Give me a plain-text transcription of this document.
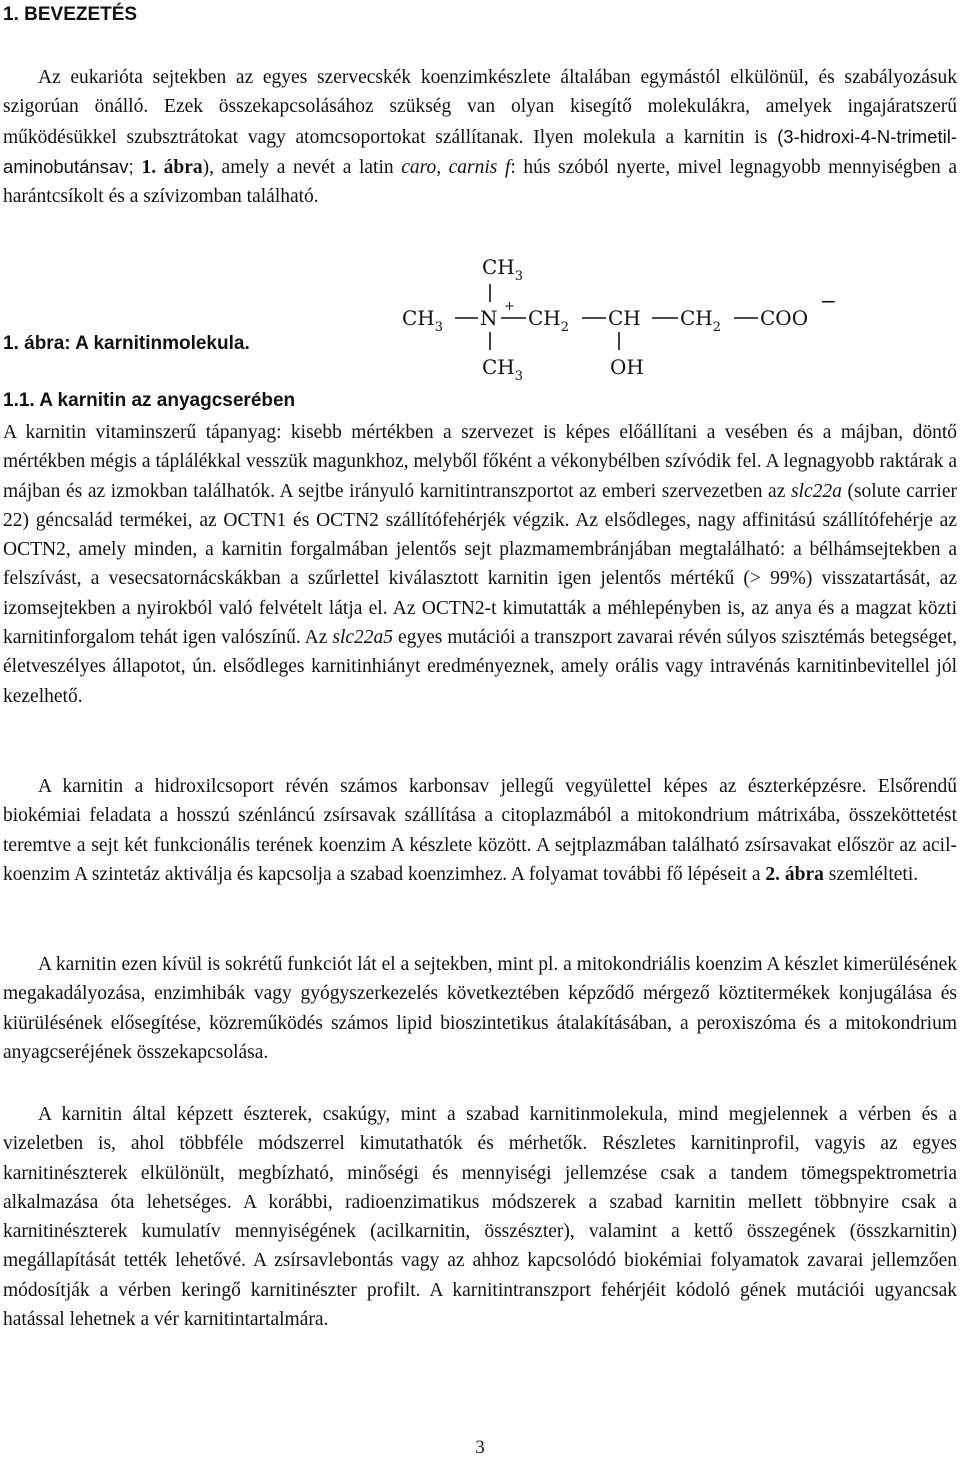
1. BEVEZETÉS

Az eukarióta sejtekben az egyes szervecskék koenzimkészlete általában egymástól elkülönül, és szabályozásuk szigorúan önálló. Ezek összekapcsolásához szükség van olyan kisegítő molekulákra, amelyek ingajáratszerű működésükkel szubsztrátokat vagy atomcsoportokat szállítanak. Ilyen molekula a karnitin is (3-hidroxi-4-N-trimetil-aminobutánsav; 1. ábra), amely a nevét a latin caro, carnis f: hús szóból nyerte, mivel legnagyobb mennyiségben a harántcsíkolt és a szívizomban található.

1. ábra: A karnitinmolekula.

$CH_3$
$CH_3$ $N + CH_2$ CH $CH_2$ COO
−
$CH_3$	OH
1.1. A karnitin az anyagcserében

A karnitin vitaminszerű tápanyag: kisebb mértékben a szervezet is képes előállítani a vesében és a májban, döntő mértékben mégis a táplálékkal vesszük magunkhoz, melyből főként a vékonybélben szívódik fel. A legnagyobb raktárak a májban és az izmokban találhatók. A sejtbe irányuló karnitintranszportot az emberi szervezetben az slc22a (solute carrier 22) géncsalád termékei, az OCTN1 és OCTN2 szállítófehérjék végzik. Az elsődleges, nagy affinitású szállítófehérje az OCTN2, amely minden, a karnitin forgalmában jelentős sejt plazmamembránjában megtalálható: a bélhámsejtekben a felszívást, a vesecsatornácskákban a szűrlettel kiválasztott karnitin igen jelentős mértékű (> 99%) visszatartását, az izomsejtekben a nyirokból való felvételt látja el. Az OCTN2-t kimutatták a méhlepényben is, az anya és a magzat közti karnitinforgalom tehát igen valószínű. Az slc22a5 egyes mutációi a transzport zavarai révén súlyos szisztémás betegséget, életveszélyes állapotot, ún. elsődleges karnitinhiányt eredményeznek, amely orális vagy intravénás karnitinbevitellel jól kezelhető.

A karnitin a hidroxilcsoport révén számos karbonsav jellegű vegyülettel képes az észterképzésre. Elsőrendű biokémiai feladata a hosszú szénláncú zsírsavak szállítása a citoplazmából a mitokondrium mátrixába, összeköttetést teremtve a sejt két funkcionális terének koenzim A készlete között. A sejtplazmában található zsírsavakat először az acil-koenzim A szintetáz aktiválja és kapcsolja a szabad koenzimhez. A folyamat további fő lépéseit a 2. ábra szemlélteti.

A karnitin ezen kívül is sokrétű funkciót lát el a sejtekben, mint pl. a mitokondriális koenzim A készlet kimerülésének megakadályozása, enzimhibák vagy gyógyszerkezelés következtében képződő mérgező köztitermékek konjugálása és kiürülésének elősegítése, közreműködés számos lipid bioszintetikus átalakításában, a peroxiszóma és a mitokondrium anyagcseréjének összekapcsolása.

A karnitin által képzett észterek, csakúgy, mint a szabad karnitinmolekula, mind megjelennek a vérben és a vizeletben is, ahol többféle módszerrel kimutathatók és mérhetők. Részletes karnitinprofil, vagyis az egyes karnitinészterek elkülönült, megbízható, minőségi és mennyiségi jellemzése csak a tandem tömegspektrometria alkalmazása óta lehetséges. A korábbi, radioenzimatikus módszerek a szabad karnitin mellett többnyire csak a karnitinészterek kumulatív mennyiségének (acilkarnitin, összészter), valamint a kettő összegének (összkarnitin) megállapítását tették lehetővé. A zsírsavlebontás vagy az ahhoz kapcsolódó biokémiai folyamatok zavarai jellemzően módosítják a vérben keringő karnitinészter profilt. A karnitintranszport fehérjéit kódoló gének mutációi ugyancsak hatással lehetnek a vér karnitintartalmára.

3
